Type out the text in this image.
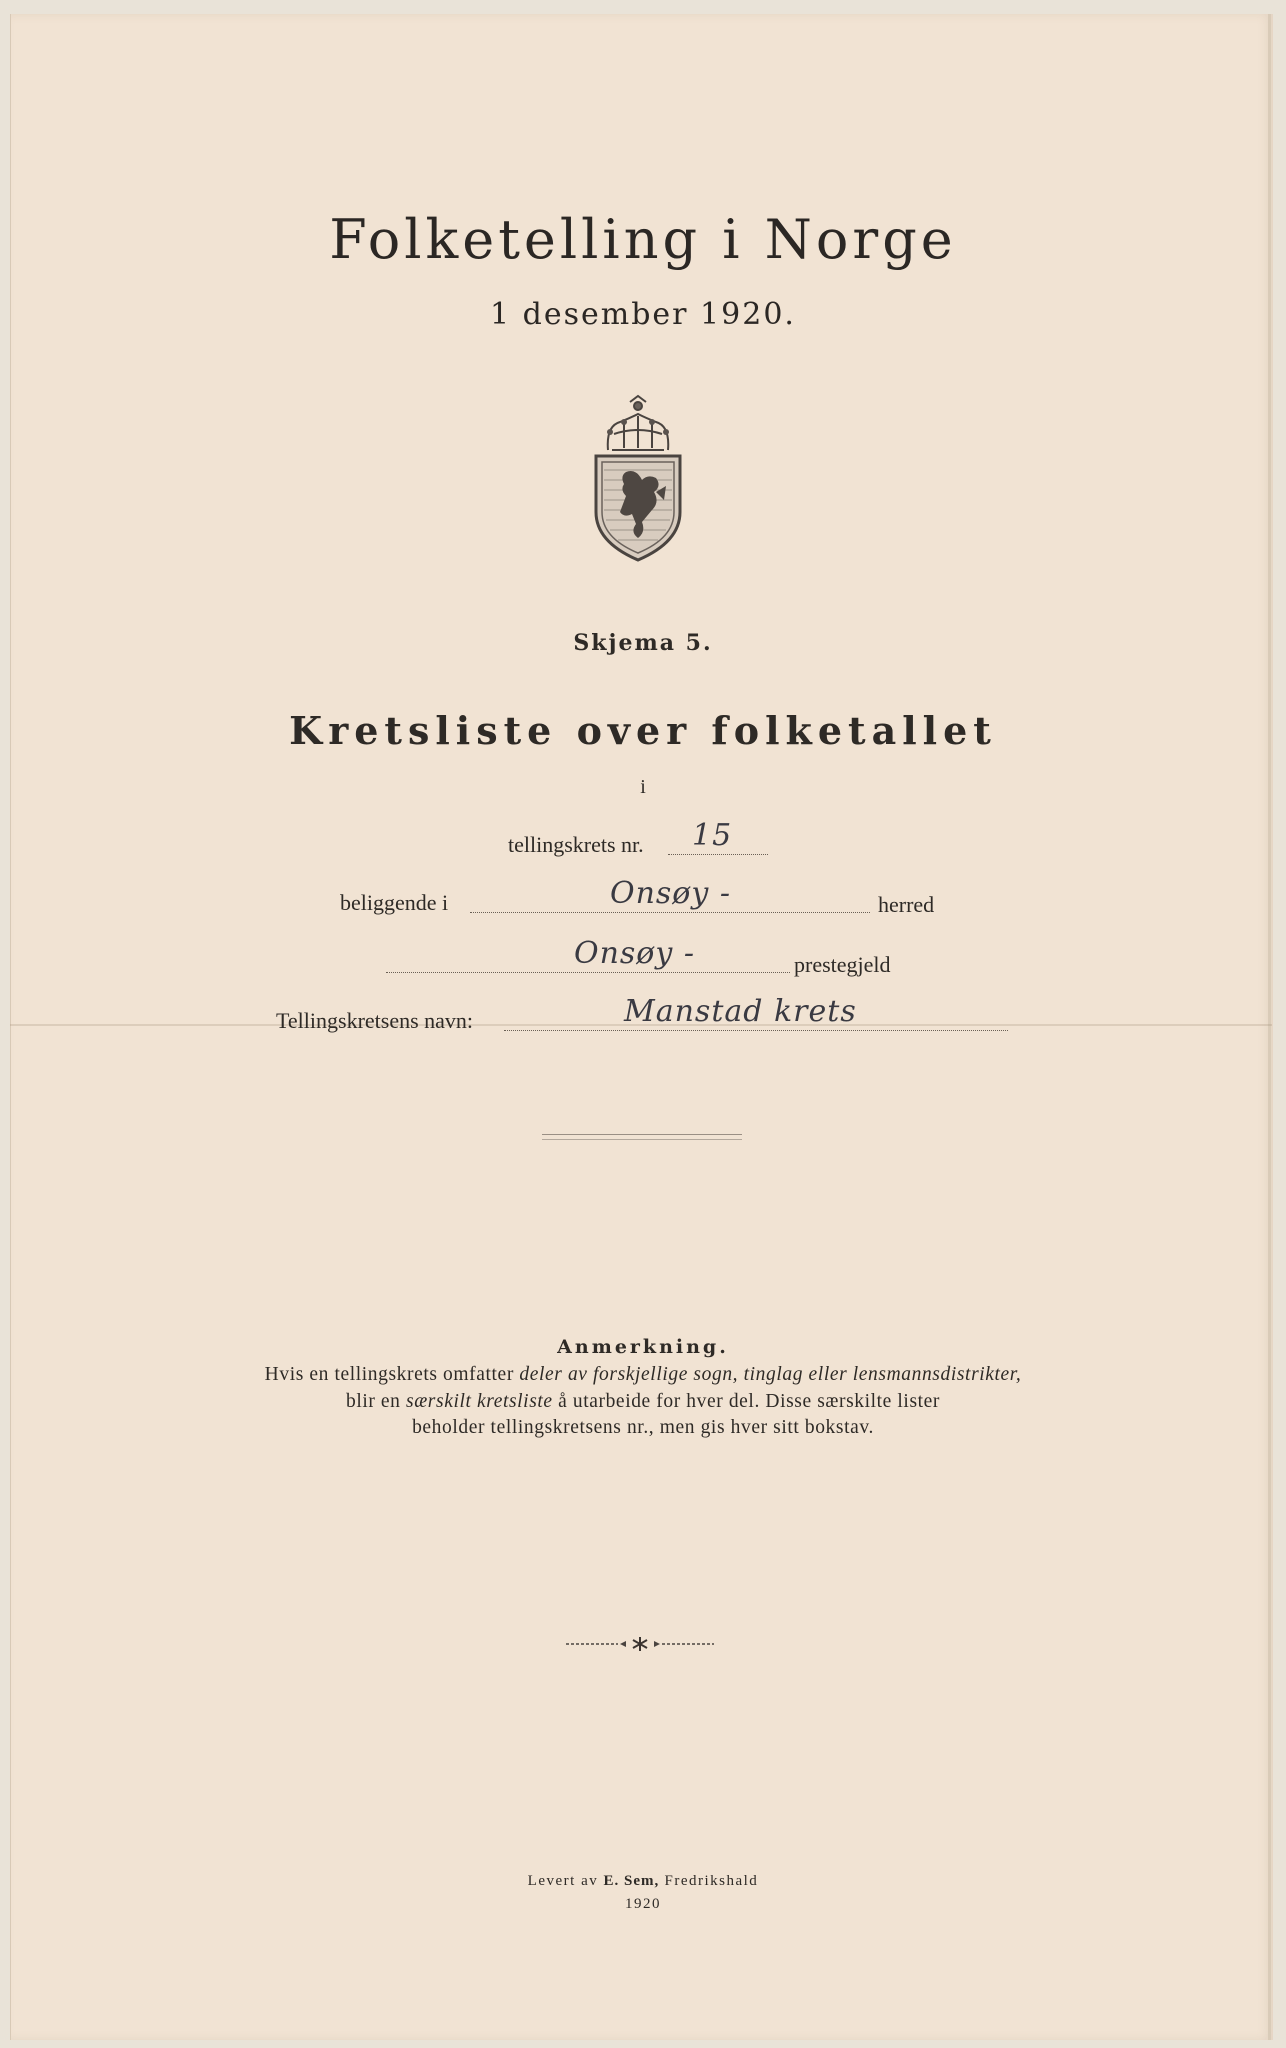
Folketelling i Norge
1 desember 1920.
Skjema 5.
Kretsliste over folketallet
i
tellingskrets nr. 15
beliggende i	Onsøy -	herred
Onsøy -	prestegjeld
Tellingskretsens navn:	Manstad krets
Anmerkning.
Hvis en tellingskrets omfatter deler av forskjellige sogn, tinglag eller lensmannsdistrikter,
blir en særskilt kretsliste å utarbeide for hver del. Disse særskilte lister
beholder tellingskretsens nr., men gis hver sitt bokstav.
Levert av E. Sem, Fredrikshald
1920
